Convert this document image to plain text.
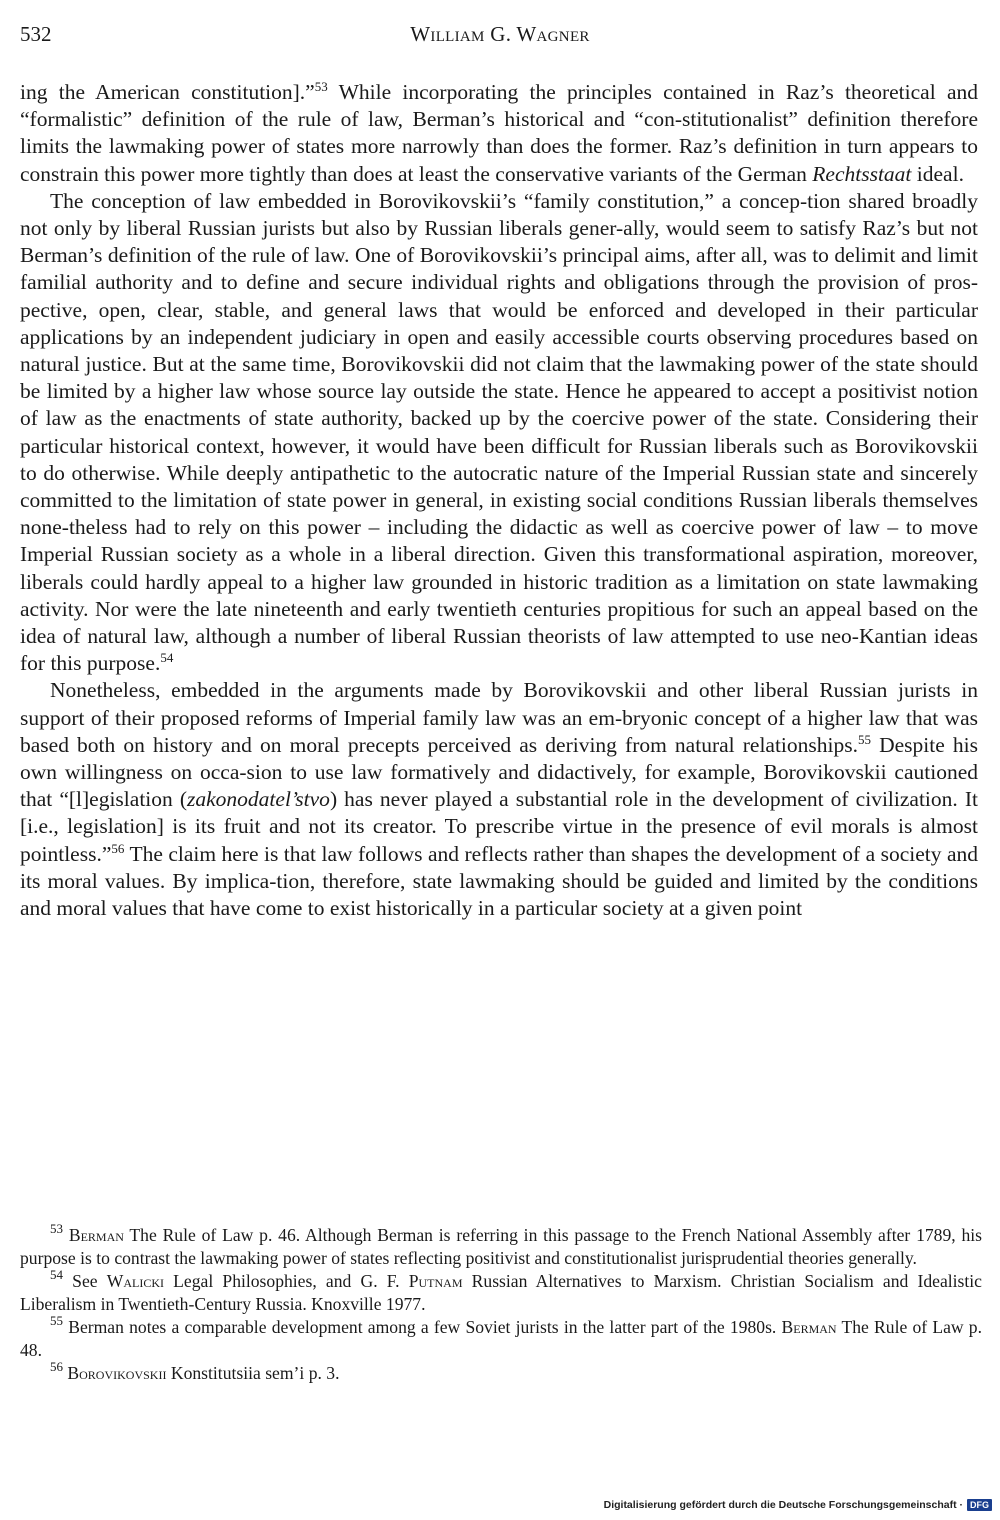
532	William G. Wagner

ing the American constitution].”$^{53}$ While incorporating the principles contained in Raz’s theoretical and “formalistic” definition of the rule of law, Berman’s historical and “con-stitutionalist” definition therefore limits the lawmaking power of states more narrowly than does the former. Raz’s definition in turn appears to constrain this power more tightly than does at least the conservative variants of the German Rechtsstaat ideal.

The conception of law embedded in Borovikovskii’s “family constitution,” a concep-tion shared broadly not only by liberal Russian jurists but also by Russian liberals gener-ally, would seem to satisfy Raz’s but not Berman’s definition of the rule of law. One of Borovikovskii’s principal aims, after all, was to delimit and limit familial authority and to define and secure individual rights and obligations through the provision of pros-pective, open, clear, stable, and general laws that would be enforced and developed in their particular applications by an independent judiciary in open and easily accessible courts observing procedures based on natural justice. But at the same time, Borovikovskii did not claim that the lawmaking power of the state should be limited by a higher law whose source lay outside the state. Hence he appeared to accept a positivist notion of law as the enactments of state authority, backed up by the coercive power of the state. Considering their particular historical context, however, it would have been difficult for Russian liberals such as Borovikovskii to do otherwise. While deeply antipathetic to the autocratic nature of the Imperial Russian state and sincerely committed to the limitation of state power in general, in existing social conditions Russian liberals themselves none-theless had to rely on this power – including the didactic as well as coercive power of law – to move Imperial Russian society as a whole in a liberal direction. Given this transformational aspiration, moreover, liberals could hardly appeal to a higher law grounded in historic tradition as a limitation on state lawmaking activity. Nor were the late nineteenth and early twentieth centuries propitious for such an appeal based on the idea of natural law, although a number of liberal Russian theorists of law attempted to use neo-Kantian ideas for this purpose.$^{54}$

Nonetheless, embedded in the arguments made by Borovikovskii and other liberal Russian jurists in support of their proposed reforms of Imperial family law was an em-bryonic concept of a higher law that was based both on history and on moral precepts perceived as deriving from natural relationships.$^{55}$ Despite his own willingness on occa-sion to use law formatively and didactively, for example, Borovikovskii cautioned that “[l]egislation (zakonodatel’stvo) has never played a substantial role in the development of civilization. It [i.e., legislation] is its fruit and not its creator. To prescribe virtue in the presence of evil morals is almost pointless.”$^{56}$ The claim here is that law follows and reflects rather than shapes the development of a society and its moral values. By implica-tion, therefore, state lawmaking should be guided and limited by the conditions and moral values that have come to exist historically in a particular society at a given point

$^{53}$ Berman The Rule of Law p. 46. Although Berman is referring in this passage to the French National Assembly after 1789, his purpose is to contrast the lawmaking power of states reflecting positivist and constitutionalist jurisprudential theories generally.

$^{54}$ See Walicki Legal Philosophies, and G. F. Putnam Russian Alternatives to Marxism. Christian Socialism and Idealistic Liberalism in Twentieth-Century Russia. Knoxville 1977.

$^{55}$ Berman notes a comparable development among a few Soviet jurists in the latter part of the 1980s. Berman The Rule of Law p. 48.

$^{56}$ Borovikovskii Konstitutsiia sem’i p. 3.

Digitalisierung gefördert durch die Deutsche Forschungsgemeinschaft · DFG
